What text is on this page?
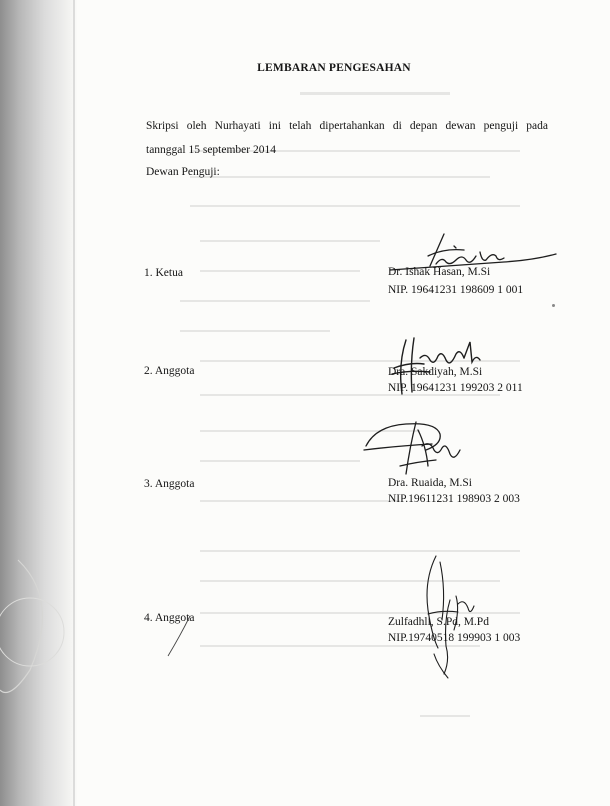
LEMBARAN PENGESAHAN
Skripsi oleh Nurhayati ini telah dipertahankan di depan dewan penguji pada
tannggal 15 september 2014
Dewan Penguji:
1. Ketua	Dr. Ishak Hasan, M.Si
NIP. 19641231 198609 1 001
2. Anggota	Dra. Sakdiyah, M.Si
NIP. 19641231 199203 2 011
3. Anggota	Dra. Ruaida, M.Si
NIP.19611231 198903 2 003
4. Anggota	Zulfadhli, S.Pd, M.Pd
NIP.19740518 199903 1 003
